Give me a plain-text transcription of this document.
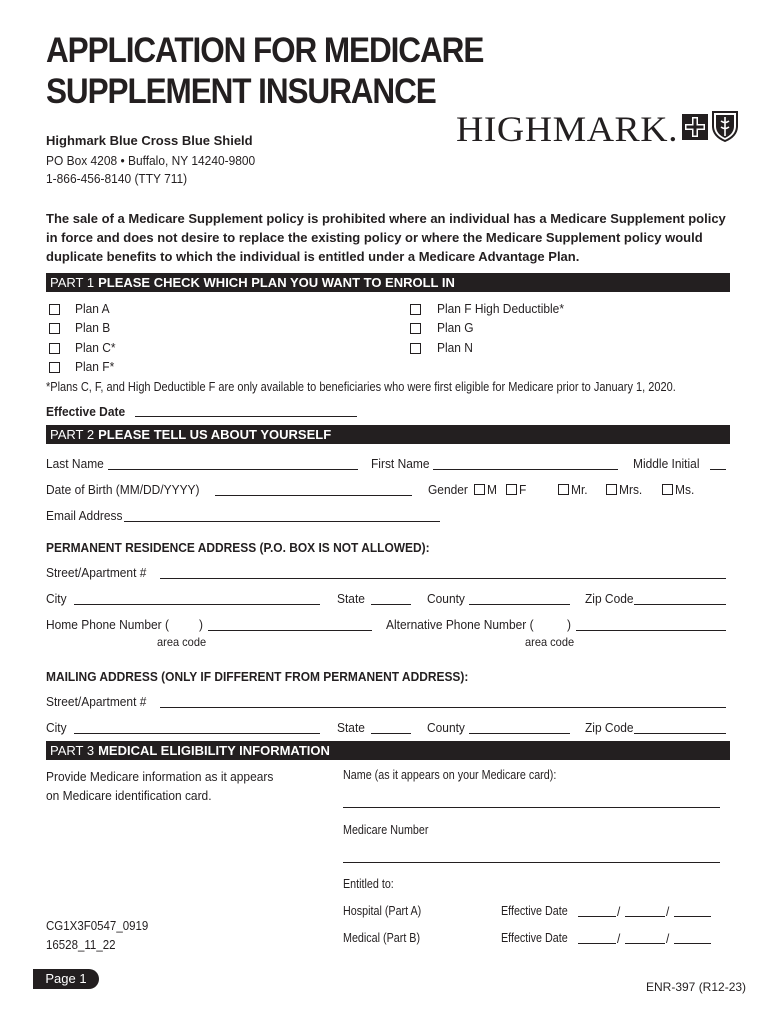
APPLICATION FOR MEDICARE
SUPPLEMENT INSURANCE
HIGHMARK.
Highmark Blue Cross Blue Shield
PO Box 4208 • Buffalo, NY 14240-9800
1-866-456-8140 (TTY 711)
The sale of a Medicare Supplement policy is prohibited where an individual has a Medicare Supplement policy in force and does not desire to replace the existing policy or where the Medicare Supplement policy would duplicate benefits to which the individual is entitled under a Medicare Advantage Plan.
PART 1 PLEASE CHECK WHICH PLAN YOU WANT TO ENROLL IN
Plan A
Plan B
Plan C*
Plan F*
Plan F High Deductible*
Plan G
Plan N
*Plans C, F, and High Deductible F are only available to beneficiaries who were first eligible for Medicare prior to January 1, 2020.
Effective Date
PART 2 PLEASE TELL US ABOUT YOURSELF
Last Name	First Name	Middle Initial
Date of Birth (MM/DD/YYYY)	Gender M F	Mr. Mrs.	Ms.
Email Address
PERMANENT RESIDENCE ADDRESS (P.O. BOX IS NOT ALLOWED):
Street/Apartment #
City	State	County	Zip Code
Home Phone Number ( )
area code
Alternative Phone Number (	)
area code
MAILING ADDRESS (ONLY IF DIFFERENT FROM PERMANENT ADDRESS):
Street/Apartment #
City	State	County	Zip Code
PART 3 MEDICAL ELIGIBILITY INFORMATION
Provide Medicare information as it appears
on Medicare identification card.
Name (as it appears on your Medicare card):
Medicare Number
Entitled to:
Hospital (Part A)	Effective Date	/	/
Medical (Part B)	Effective Date	/	/
CG1X3F0547_0919
16528_11_22
Page 1
ENR-397 (R12-23)
